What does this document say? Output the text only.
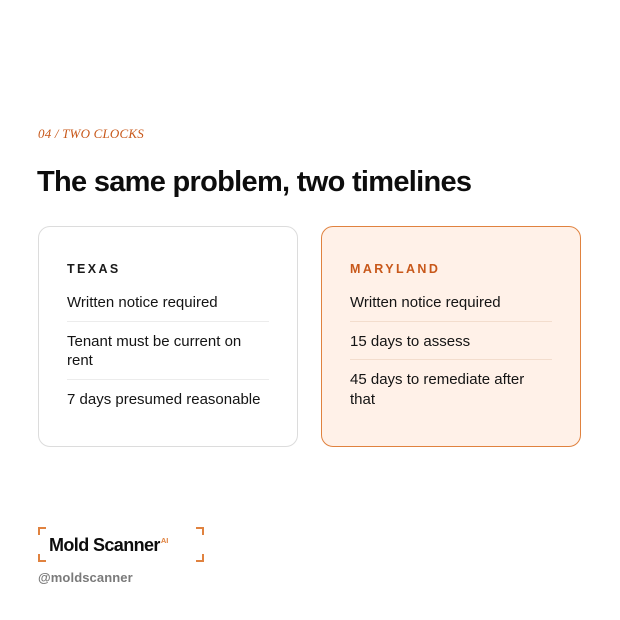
04 / TWO CLOCKS
The same problem, two timelines
TEXAS
Written notice required
Tenant must be current on rent
7 days presumed reasonable
MARYLAND
Written notice required
15 days to assess
45 days to remediate after that
Mold Scanner$^{AI}$
@moldscanner
